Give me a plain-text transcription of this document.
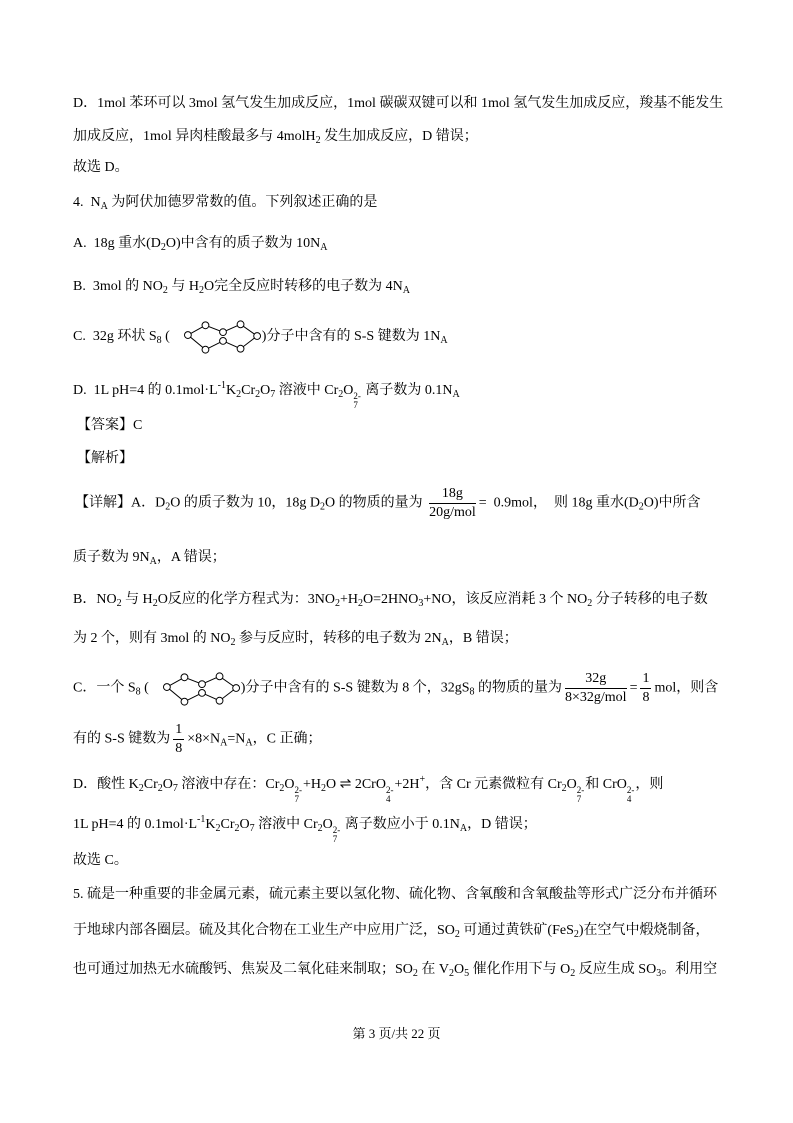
D．1mol 苯环可以 3mol 氢气发生加成反应，1mol 碳碳双键可以和 1mol 氢气发生加成反应，羧基不能发生
加成反应，1mol 异肉桂酸最多与 4molH$_2$ 发生加成反应，D 错误；
故选 D。
4.  $N_A$ 为阿伏加德罗常数的值。下列叙述正确的是
A.  18g 重水$(D_2O)$中含有的质子数为 $10N_A$
B.  3mol 的 $NO_2$ 与 $H_2O$完全反应时转移的电子数为 $4N_A$
C.  32g 环状 $S_8$ (
	)分子中含有的 S-S 键数为 $1N_A$
D.  1L pH=4 的 $0.1mol\cdot L^{-1}K_2Cr_2O_7$ 溶液中 $Cr_2O$ 2-
7
离子数为 $0.1N_A$
【答案】C
【解析】
【详解】A．$D_2O$ 的质子数为 10，18g $D_2O$ 的物质的量为 $\frac{18g}{\text{20g/mol}} = 0.9mol$，  则 18g 重水$(D_2O)$中所含
质子数为 $9N_A$，A 错误；
B．$NO_2$ 与 $H_2O$反应的化学方程式为：$3NO_2+H_2O=2HNO_3+NO$，该反应消耗 3 个 $NO_2$ 分子转移的电子数
为 2 个，则有 3mol 的 $NO_2$ 参与反应时，转移的电子数为 $2N_A$，B 错误；
C．一个 $S_8$ (
	)分子中含有的 S-S 键数为 8 个，$32gS_8$ 的物质的量为 $\frac{32g}{\text{8×32g/mol}} = \frac{1}{8}$ mol，则含
有的 S-S 键数为 $\frac{1}{8} \times 8\times N_A=N_A$，C 正确；
D．酸性 $K_2Cr_2O_7$ 溶液中存在：$Cr_2O$ 2-
7
$+H_2O$ ⇌ 2CrO 2-
4
+2H+，含 Cr 元素微粒有 $Cr_2O$ 2-
7
和 CrO 2-
4
，则
1L pH=4 的 $0.1mol\cdot L^{-1}K_2Cr_2O_7$ 溶液中 $Cr_2O$ 2-
7
离子数应小于 $0.1N_A$，D 错误；
故选 C。
5. 硫是一种重要的非金属元素，硫元素主要以氢化物、硫化物、含氧酸和含氧酸盐等形式广泛分布并循环
于地球内部各圈层。硫及其化合物在工业生产中应用广泛，$SO_2$ 可通过黄铁矿(FeS$_2$)在空气中煅烧制备，
也可通过加热无水硫酸钙、焦炭及二氧化硅来制取；$SO_2$ 在 $V_2O_5$ 催化作用下与 $O_2$ 反应生成 $SO_3$。利用空
第 3 页/共 22 页
